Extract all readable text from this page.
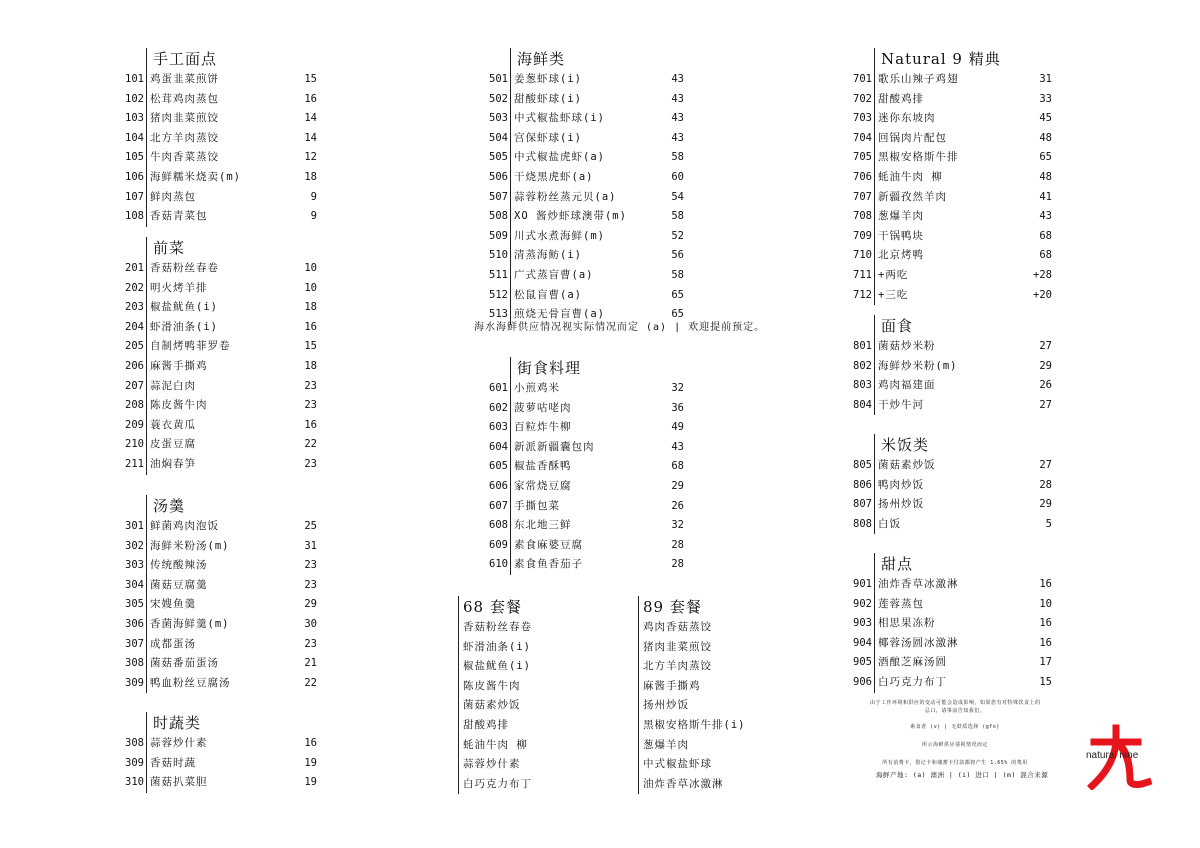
手工面点
101 鸡蛋韭菜煎饼	15
102 松茸鸡肉蒸包	16
103 猪肉韭菜煎饺	14
104 北方羊肉蒸饺	14
105 牛肉香菜蒸饺	12
106 海鲜糯米烧卖(m)	18
107 鲜肉蒸包	9
108 香菇青菜包	9
前菜
201 香菇粉丝春卷	10
202 明火烤羊排	10
203 椒盐鱿鱼(i)	18
204 虾滑油条(i)	16
205 自制烤鸭菲罗卷	15
206 麻酱手撕鸡	18
207 蒜泥白肉	23
208 陈皮酱牛肉	23
209 蓑衣黄瓜	16
210 皮蛋豆腐	22
211 油焖春笋	23
汤羹
301 鲜菌鸡肉泡饭	25
302 海鲜米粉汤(m)	31
303 传统酸辣汤	23
304 菌菇豆腐羹	23
305 宋嫂鱼羹	29
306 香菌海鲜羹(m)	30
307 成都蛋汤	23
308 菌菇番茄蛋汤	21
309 鸭血粉丝豆腐汤	22
时蔬类
308 蒜蓉炒什素	16
309 香菇时蔬	19
310 菌菇扒菜胆	19
海鲜类
501 姜葱虾球(i)	43
502 甜酸虾球(i)	43
503 中式椒盐虾球(i)	43
504 宫保虾球(i)	43
505 中式椒盐虎虾(a)	58
506 干烧黑虎虾(a)	60
507 蒜蓉粉丝蒸元贝(a)	54
508 XO 酱炒虾球澳带(m)	58
509 川式水煮海鲜(m)	52
510 清蒸海鲂(i)	56
511 广式蒸盲曹(a)	58
512 松鼠盲曹(a)	65
513 煎烧无骨盲曹(a)	65
海水海鲜供应情况视实际情况而定 (a) | 欢迎提前预定。
街食料理
601 小煎鸡米	32
602 菠萝咕咾肉	36
603 百粒炸牛柳	49
604 新派新疆囊包肉	43
605 椒盐香酥鸭	68
606 家常烧豆腐	29
607 手撕包菜	26
608 东北地三鲜	32
609 素食麻婆豆腐	28
610 素食鱼香茄子	28
68 套餐
香菇粉丝春卷
虾滑油条(i)
椒盐鱿鱼(i)
陈皮酱牛肉
菌菇素炒饭
甜酸鸡排
蚝油牛肉 柳
蒜蓉炒什素
白巧克力布丁
89 套餐
鸡肉香菇蒸饺
猪肉韭菜煎饺
北方羊肉蒸饺
麻酱手撕鸡
扬州炒饭
黑椒安格斯牛排(i)
葱爆羊肉
中式椒盐虾球
油炸香草冰激淋
Natural 9 精典
701 歌乐山辣子鸡翅	31
702 甜酸鸡排	33
703 迷你东坡肉	45
704 回锅肉片配包	48
705 黑椒安格斯牛排	65
706 蚝油牛肉 柳	48
707 新疆孜然羊肉	41
708 葱爆羊肉	43
709 干锅鸭块	68
710 北京烤鸭	68
711 +两吃	+28
712 +三吃	+20
面食
801 菌菇炒米粉	27
802 海鲜炒米粉(m)	29
803 鸡肉福建面	26
804 干炒牛河	27
米饭类
805 菌菇素炒饭	27
806 鸭肉炒饭	28
807 扬州炒饭	29
808 白饭	5
甜点
901 油炸香草冰激淋	16
902 莲蓉蒸包	10
903 相思果冻粉	16
904 椰蓉汤圆冰激淋	16
905 酒酿芝麻汤圆	17
906 白巧克力布丁	15
由于工作环境和供应的变动可能会造成影响，如果您有对特殊饮食上的
忌口，请事前告知我们。
素食者 (v) | 无麸质选择 (gfo)
所示海鲜供应请视情况而定
所有消费卡，借记卡和储蓄卡付款都将产生 1.65% 的费用
海鲜产地: (a) 澳洲 | (i) 进口 | (m) 混合来源
natural nine
